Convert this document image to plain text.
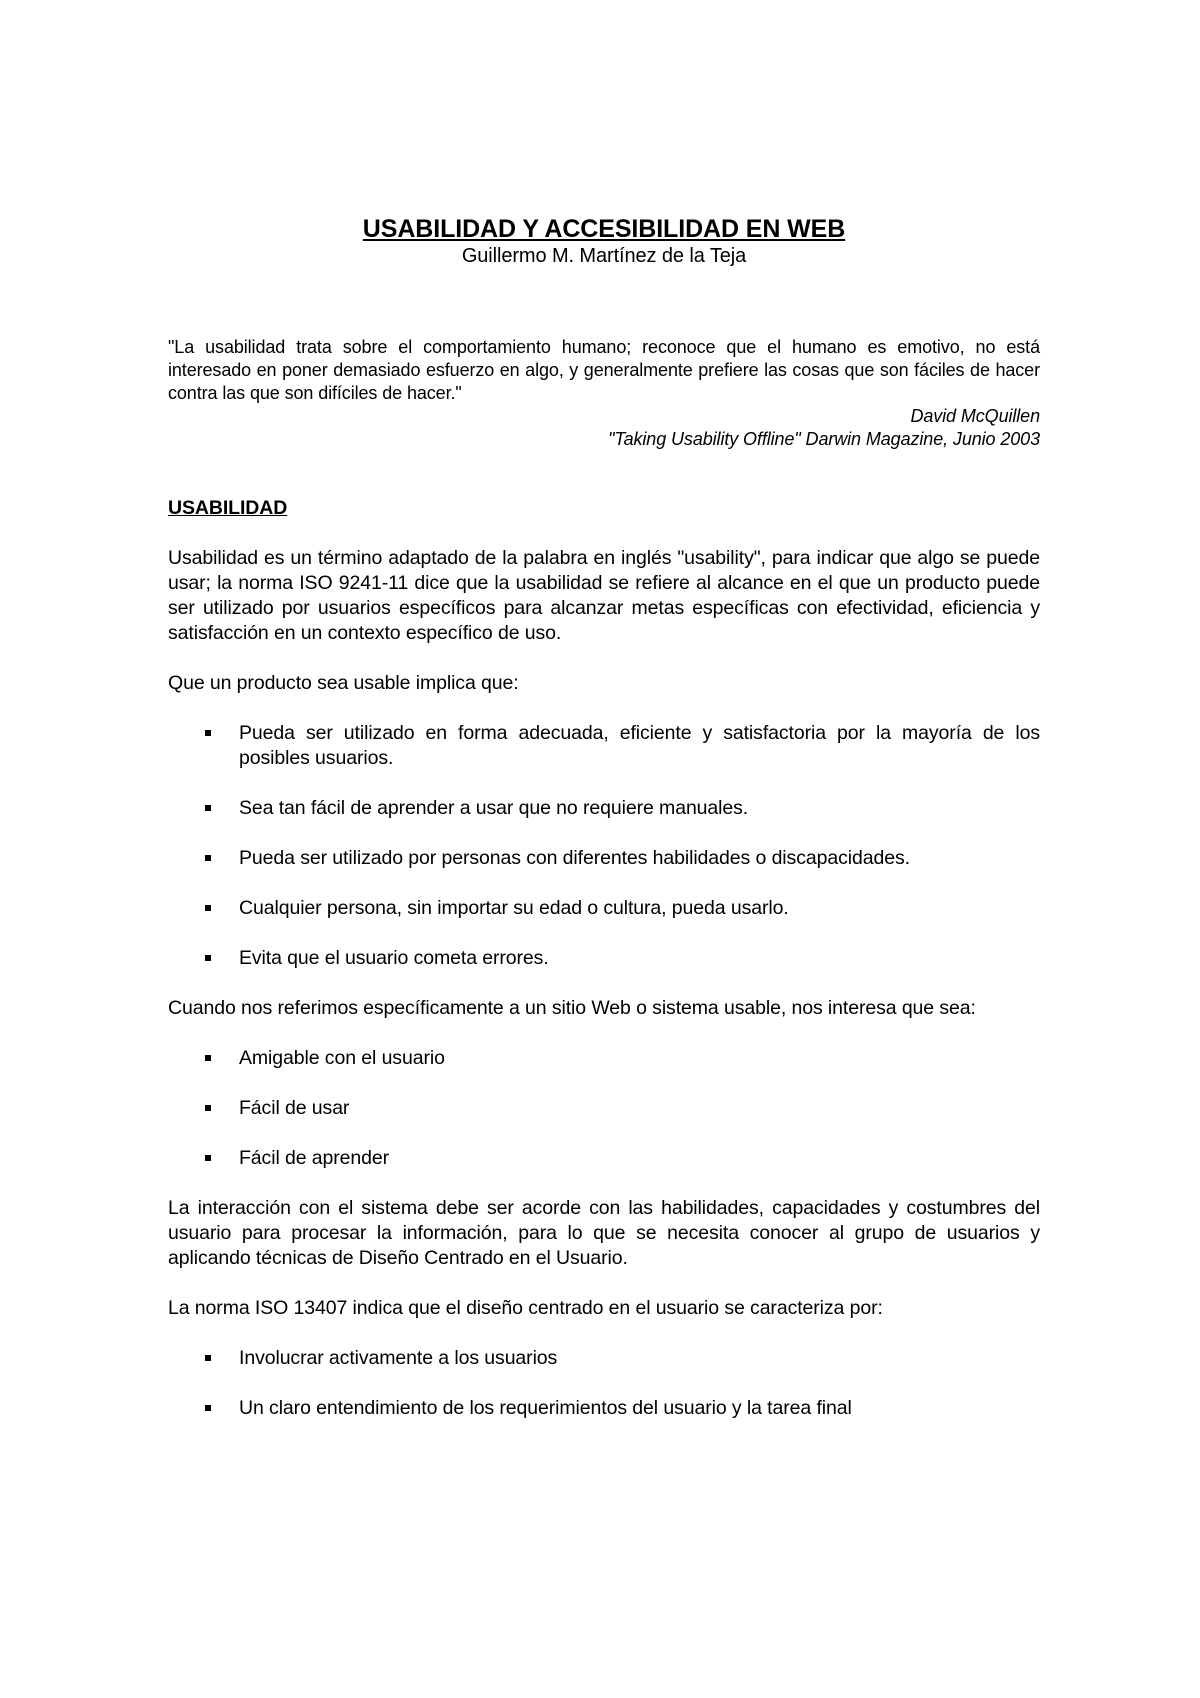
USABILIDAD Y ACCESIBILIDAD EN WEB

Guillermo M. Martínez de la Teja

"La usabilidad trata sobre el comportamiento humano; reconoce que el humano es emotivo, no está interesado en poner demasiado esfuerzo en algo, y generalmente prefiere las cosas que son fáciles de hacer contra las que son difíciles de hacer."

David McQuillen

"Taking Usability Offline" Darwin Magazine, Junio 2003

USABILIDAD

Usabilidad es un término adaptado de la palabra en inglés "usability", para indicar que algo se puede usar; la norma ISO 9241-11 dice que la usabilidad se refiere al alcance en el que un producto puede ser utilizado por usuarios específicos para alcanzar metas específicas con efectividad, eficiencia y satisfacción en un contexto específico de uso.

Que un producto sea usable implica que:

Pueda ser utilizado en forma adecuada, eficiente y satisfactoria por la mayoría de los posibles usuarios.
Sea tan fácil de aprender a usar que no requiere manuales.
Pueda ser utilizado por personas con diferentes habilidades o discapacidades.
Cualquier persona, sin importar su edad o cultura, pueda usarlo.
Evita que el usuario cometa errores.

Cuando nos referimos específicamente a un sitio Web o sistema usable, nos interesa que sea:

Amigable con el usuario
Fácil de usar
Fácil de aprender

La interacción con el sistema debe ser acorde con las habilidades, capacidades y costumbres del usuario para procesar la información, para lo que se necesita conocer al grupo de usuarios y aplicando técnicas de Diseño Centrado en el Usuario.

La norma ISO 13407 indica que el diseño centrado en el usuario se caracteriza por:

Involucrar activamente a los usuarios
Un claro entendimiento de los requerimientos del usuario y la tarea final
